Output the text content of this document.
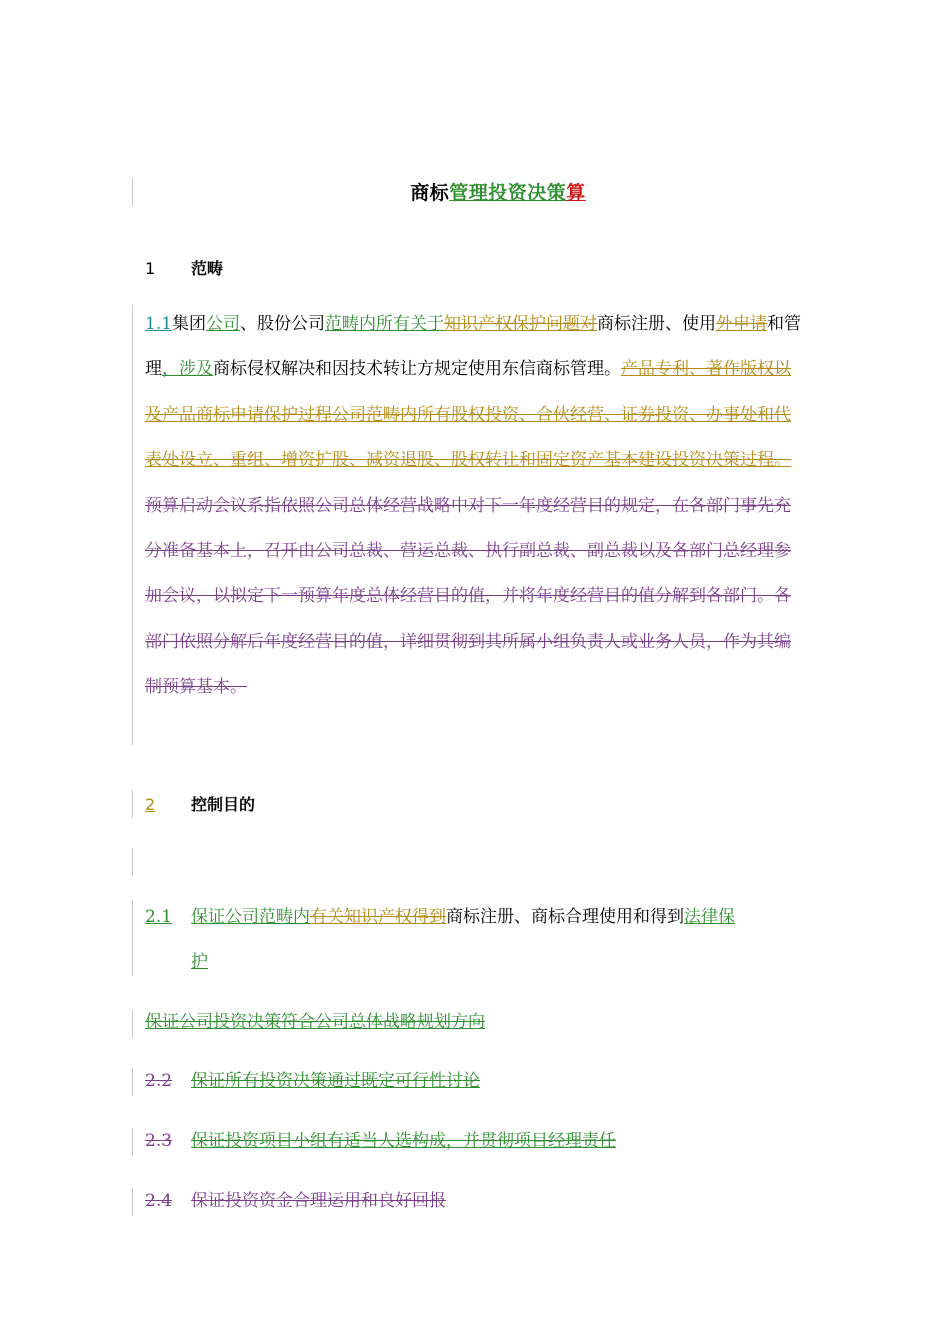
商标管理投资决策算
1 范畴
1.1集团公司、股份公司范畴内所有关于知识产权保护问题对商标注册、使用外申请和管理，涉及商标侵权解决和因技术转让方规定使用东信商标管理。产品专利、著作版权以及产品商标申请保护过程公司范畴内所有股权投资、合伙经营、证券投资、办事处和代表处设立、重组、增资扩股、减资退股、股权转让和固定资产基本建设投资决策过程。预算启动会议系指依照公司总体经营战略中对下一年度经营目的规定，在各部门事先充分准备基本上，召开由公司总裁、营运总裁、执行副总裁、副总裁以及各部门总经理参加会议，以拟定下一预算年度总体经营目的值，并将年度经营目的值分解到各部门。各部门依照分解后年度经营目的值，详细贯彻到其所属小组负责人或业务人员，作为其编制预算基本。
2 控制目的
2.1 保证公司范畴内有关知识产权得到商标注册、商标合理使用和得到法律保
护
保证公司投资决策符合公司总体战略规划方向
2.2 保证所有投资决策通过既定可行性讨论
2.3 保证投资项目小组有适当人选构成，并贯彻项目经理责任
2.4 保证投资资金合理运用和良好回报
